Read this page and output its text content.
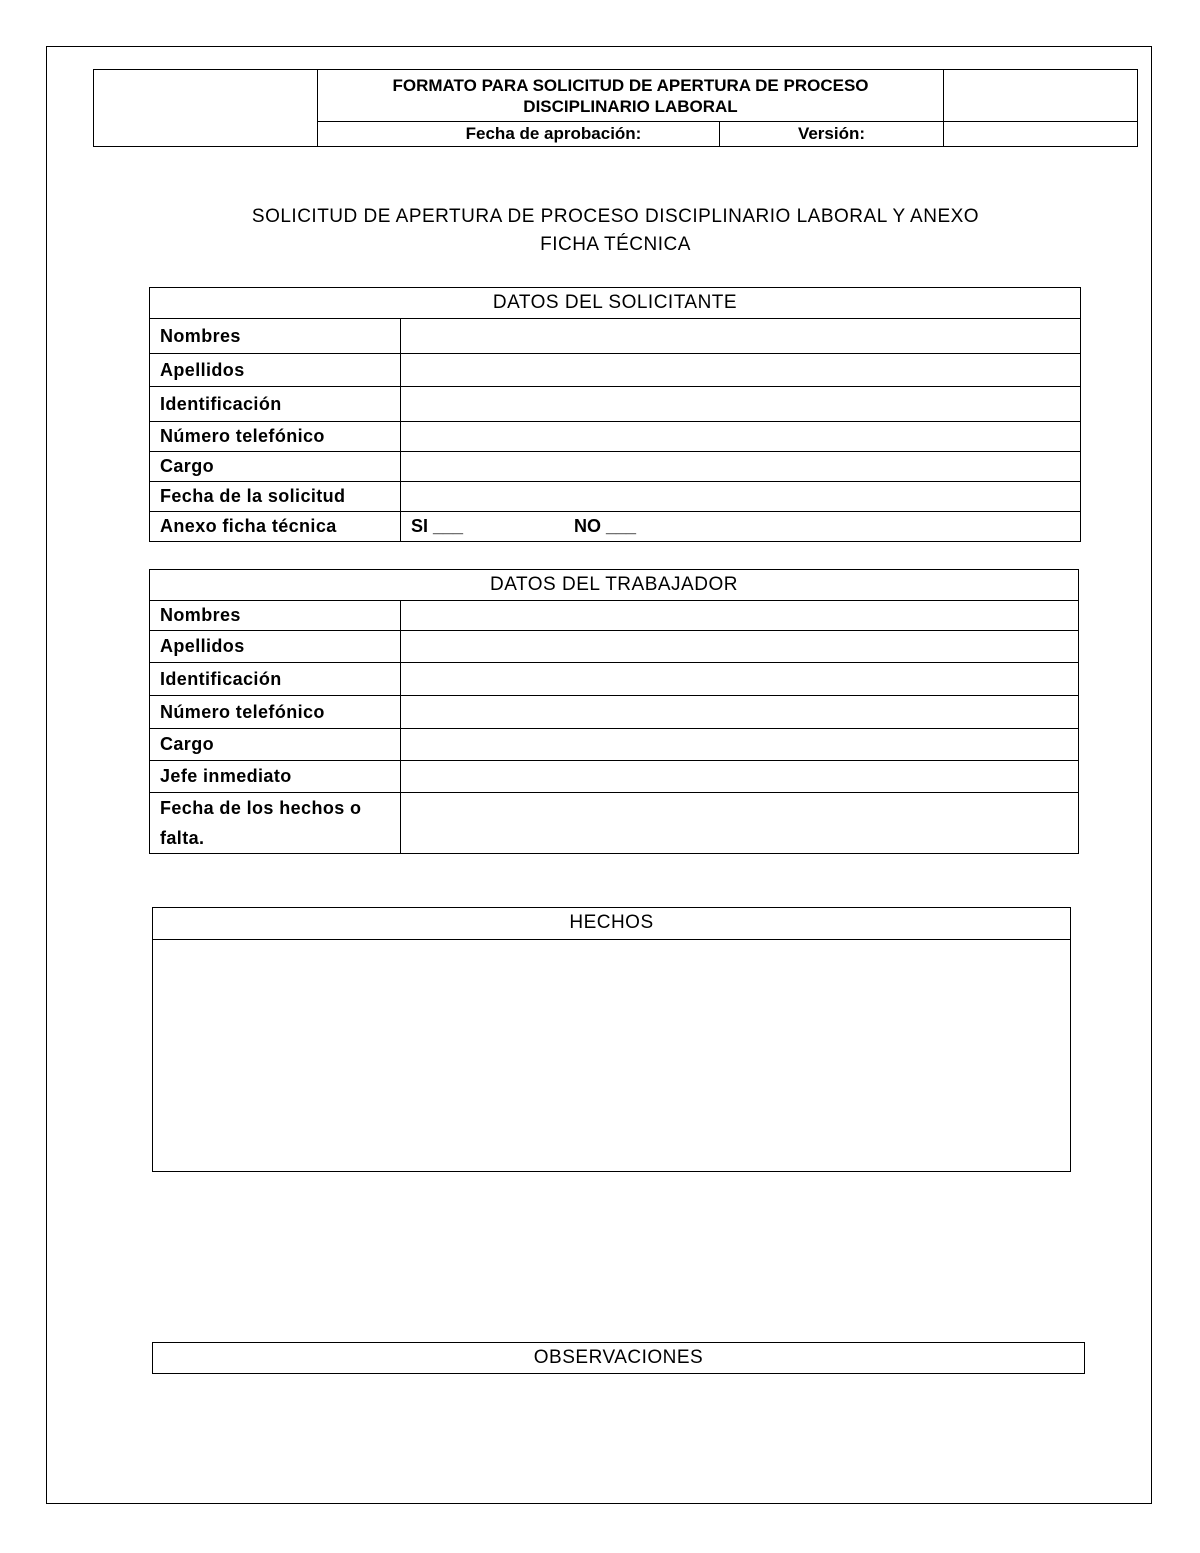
FORMATO PARA SOLICITUD DE APERTURA DE PROCESO
DISCIPLINARIO LABORAL
Fecha de aprobación:	Versión:
SOLICITUD DE APERTURA DE PROCESO DISCIPLINARIO LABORAL Y ANEXO
FICHA TÉCNICA
DATOS DEL SOLICITANTE	
Nombres	
Apellidos	
Identificación	
Número telefónico	
Cargo	
Fecha de la solicitud	
Anexo ficha técnica	SI ___ NO ___
DATOS DEL TRABAJADOR	
Nombres	
Apellidos	
Identificación	
Número telefónico	
Cargo	
Jefe inmediato	
Fecha de los hechos o falta.	
HECHOS
OBSERVACIONES
